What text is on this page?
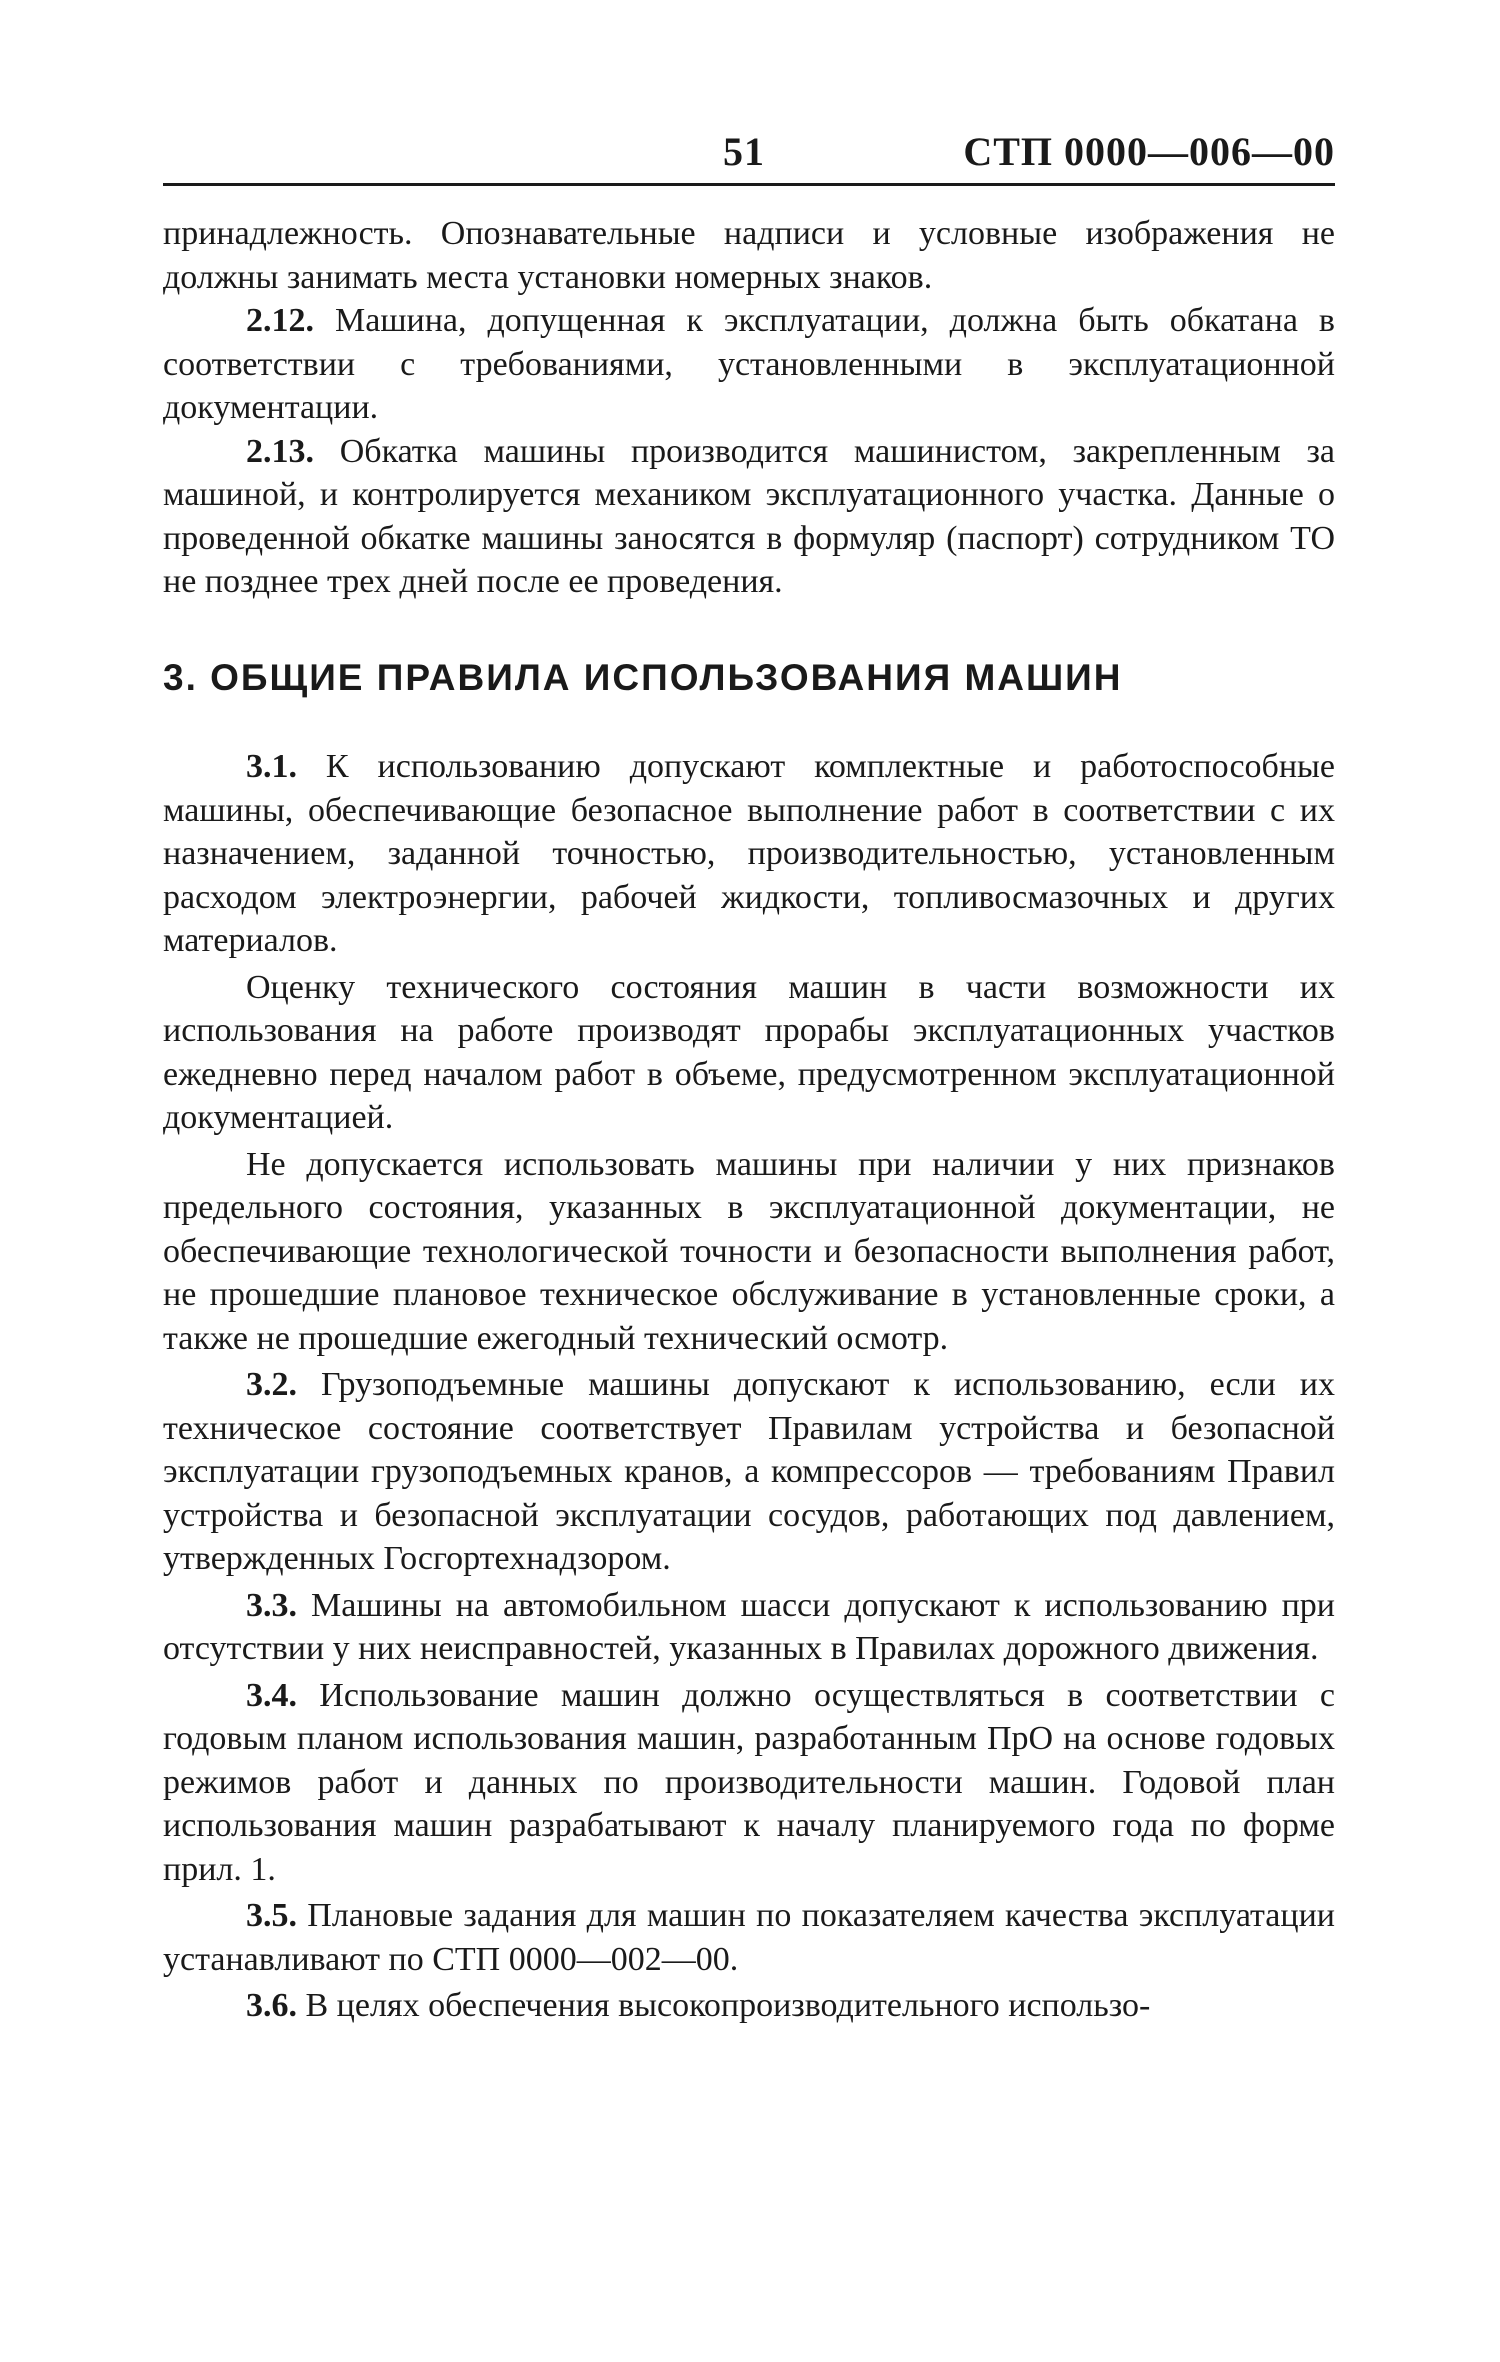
51	СТП 0000—006—00

принадлежность. Опознавательные надписи и условные изображения не должны занимать места установки номерных знаков.

2.12. Машина, допущенная к эксплуатации, должна быть обкатана в соответствии с требованиями, установленными в эксплуатационной документации.

2.13. Обкатка машины производится машинистом, закрепленным за машиной, и контролируется механиком эксплуатационного участка. Данные о проведенной обкатке машины заносятся в формуляр (паспорт) сотрудником ТО не позднее трех дней после ее проведения.

3. ОБЩИЕ ПРАВИЛА ИСПОЛЬЗОВАНИЯ МАШИН

3.1. К использованию допускают комплектные и работоспособные машины, обеспечивающие безопасное выполнение работ в соответствии с их назначением, заданной точностью, производительностью, установленным расходом электроэнергии, рабочей жидкости, топливосмазочных и других материалов.

Оценку технического состояния машин в части возможности их использования на работе производят прорабы эксплуатационных участков ежедневно перед началом работ в объеме, предусмотренном эксплуатационной документацией.

Не допускается использовать машины при наличии у них признаков предельного состояния, указанных в эксплуатационной документации, не обеспечивающие технологической точности и безопасности выполнения работ, не прошедшие плановое техническое обслуживание в установленные сроки, а также не прошедшие ежегодный технический осмотр.

3.2. Грузоподъемные машины допускают к использованию, если их техническое состояние соответствует Правилам устройства и безопасной эксплуатации грузоподъемных кранов, а компрессоров — требованиям Правил устройства и безопасной эксплуатации сосудов, работающих под давлением, утвержденных Госгортехнадзором.

3.3. Машины на автомобильном шасси допускают к использованию при отсутствии у них неисправностей, указанных в Правилах дорожного движения.

3.4. Использование машин должно осуществляться в соответствии с годовым планом использования машин, разработанным ПрО на основе годовых режимов работ и данных по производительности машин. Годовой план использования машин разрабатывают к началу планируемого года по форме прил. 1.

3.5. Плановые задания для машин по показателяем качества эксплуатации устанавливают по СТП 0000—002—00.

3.6. В целях обеспечения высокопроизводительного использо-
